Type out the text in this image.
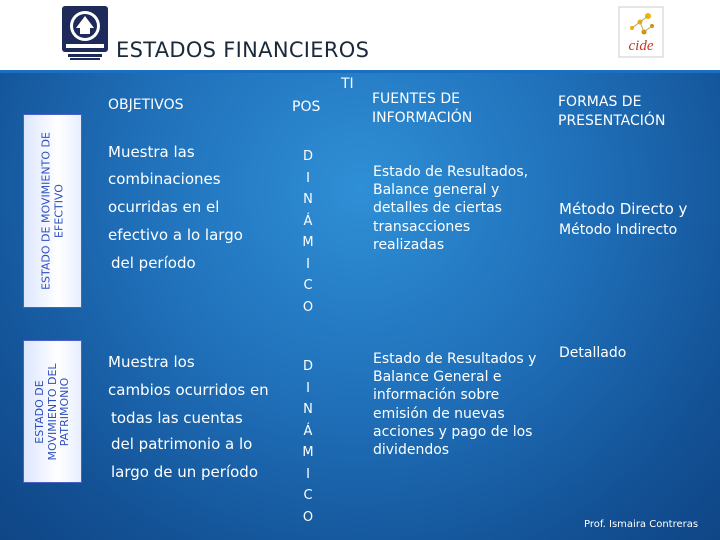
cide
ESTADOS FINANCIEROS
ESTADO DE MOVIMIENTO DE EFECTIVO
ESTADO DE MOVIMIENTO DEL PATRIMONIO
OBJETIVOS
TI
POS	FUENTES DE INFORMACIÓN
FORMAS DE PRESENTACIÓN
Muestra las
combinaciones
ocurridas en el
efectivo a lo largo
del período
D
I
N
Á
M
I
C
O
Estado de Resultados, Balance general y detalles de ciertas transacciones realizadas
Método Directo y
Método Indirecto
Muestra los
cambios ocurridos en
todas las cuentas
del patrimonio a lo
largo de un período
D
I
N
Á
M
I
C
O
Estado de Resultados y Balance General e información sobre emisión de nuevas acciones y pago de los dividendos
Detallado
Prof. Ismaira Contreras
